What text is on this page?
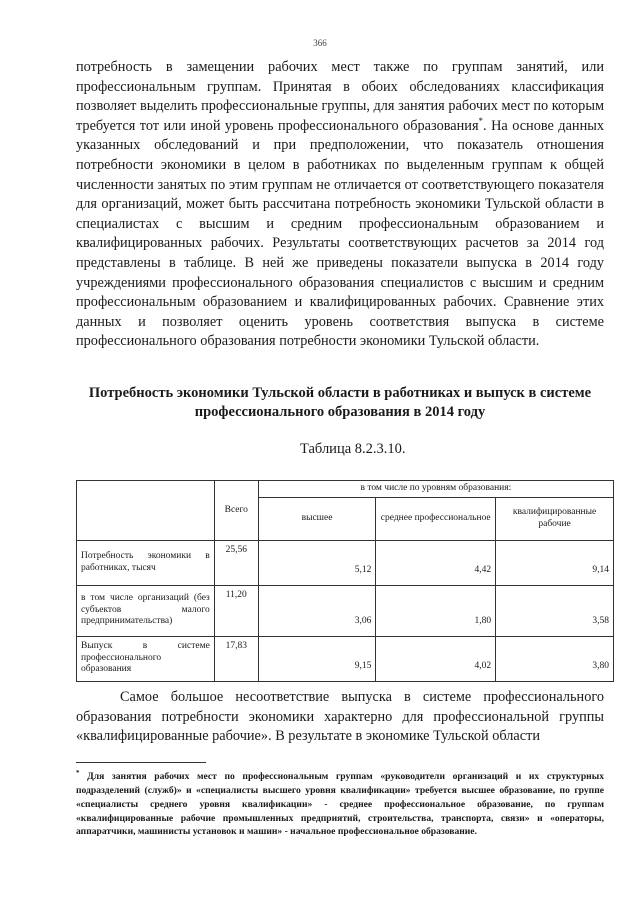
366
потребность в замещении рабочих мест также по группам занятий, или профессиональным группам. Принятая в обоих обследованиях классификация позволяет выделить профессиональные группы, для занятия рабочих мест по которым требуется тот или иной уровень профессионального образования*. На основе данных указанных обследований и при предположении, что показатель отношения потребности экономики в целом в работниках по выделенным группам к общей численности занятых по этим группам не отличается от соответствующего показателя для организаций, может быть рассчитана потребность экономики Тульской области в специалистах с высшим и средним профессиональным образованием и квалифицированных рабочих. Результаты соответствующих расчетов за 2014 год представлены в таблице. В ней же приведены показатели выпуска в 2014 году учреждениями профессионального образования специалистов с высшим и средним профессиональным образованием и квалифицированных рабочих. Сравнение этих данных и позволяет оценить уровень соответствия выпуска в системе профессионального образования потребности экономики Тульской области.
Потребность экономики Тульской области в работниках и выпуск в системе профессионального образования в 2014 году
Таблица 8.2.3.10.
	Всего	в том числе по уровням образования:		
		высшее	среднее профессиональное	квалифицированные рабочие
Потребность экономики в работниках, тысяч	25,56	5,12	4,42	9,14
в том числе организаций (без субъектов малого предпринимательства)	11,20	3,06	1,80	3,58
Выпуск в системе профессионального образования	17,83	9,15	4,02	3,80
Самое большое несоответствие выпуска в системе профессионального образования потребности экономики характерно для профессиональной группы «квалифицированные рабочие». В результате в экономике Тульской области
* Для занятия рабочих мест по профессиональным группам «руководители организаций и их структурных подразделений (служб)» и «специалисты высшего уровня квалификации» требуется высшее образование, по группе «специалисты среднего уровня квалификации» - среднее профессиональное образование, по группам «квалифицированные рабочие промышленных предприятий, строительства, транспорта, связи» и «операторы, аппаратчики, машинисты установок и машин» - начальное профессиональное образование.
